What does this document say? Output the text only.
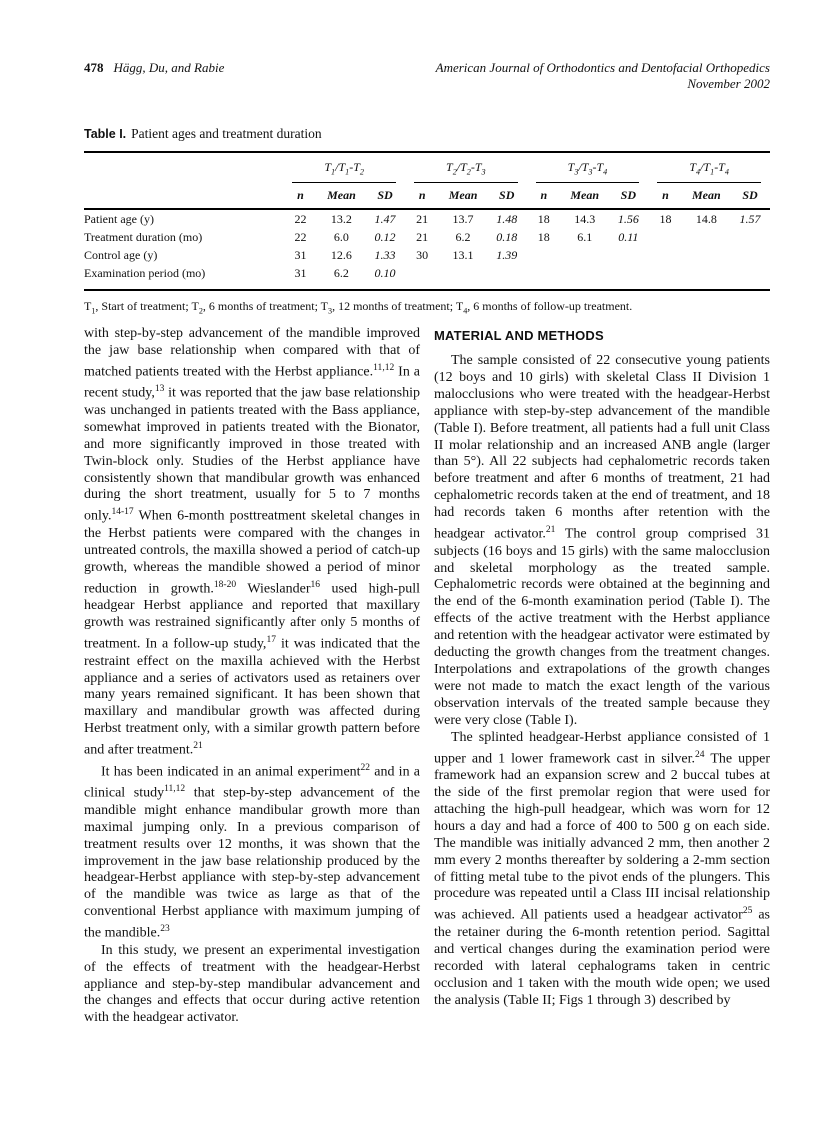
478 Hägg, Du, and Rabie	American Journal of Orthodontics and Dentofacial Orthopedics
November 2002
Table I. Patient ages and treatment duration

	$T_1/T_1-T_2$			$T_2/T_2-T_3$			$T_3/T_3-T_4$			$T_4/T_1-T_4$

	n	Mean	SD	n	Mean	SD	n	Mean	SD	n	Mean	SD
Patient age (y)	22	13.2	1.47	21	13.7	1.48	18	14.3	1.56	18	14.8	1.57
Treatment duration (mo)	22	6.0	0.12	21	6.2	0.18	18	6.1	0.11			
Control age (y)	31	12.6	1.33	30	13.1	1.39						
Examination period (mo)	31	6.2	0.10									
$T_1$, Start of treatment; $T_2$, 6 months of treatment; $T_3$, 12 months of treatment; $T_4$, 6 months of follow-up treatment.

with step-by-step advancement of the mandible improved the jaw base relationship when compared with that of matched patients treated with the Herbst appliance.$^{11,12}$ In a recent study,$^{13}$ it was reported that the jaw base relationship was unchanged in patients treated with the Bass appliance, somewhat improved in patients treated with the Bionator, and more significantly improved in those treated with Twin-block only. Studies of the Herbst appliance have consistently shown that mandibular growth was enhanced during the short treatment, usually for 5 to 7 months only.$^{14-17}$ When 6-month posttreatment skeletal changes in the Herbst patients were compared with the changes in untreated controls, the maxilla showed a period of catch-up growth, whereas the mandible showed a period of minor reduction in growth.$^{18-20}$ Wieslander$^{16}$ used high-pull headgear Herbst appliance and reported that maxillary growth was restrained significantly after only 5 months of treatment. In a follow-up study,$^{17}$ it was indicated that the restraint effect on the maxilla achieved with the Herbst appliance and a series of activators used as retainers over many years remained significant. It has been shown that maxillary and mandibular growth was affected during Herbst treatment only, with a similar growth pattern before and after treatment.$^{21}$

It has been indicated in an animal experiment$^{22}$ and in a clinical study$^{11,12}$ that step-by-step advancement of the mandible might enhance mandibular growth more than maximal jumping only. In a previous comparison of treatment results over 12 months, it was shown that the improvement in the jaw base relationship produced by the headgear-Herbst appliance with step-by-step advancement of the mandible was twice as large as that of the conventional Herbst appliance with maximum jumping of the mandible.$^{23}$

In this study, we present an experimental investigation of the effects of treatment with the headgear-Herbst appliance and step-by-step mandibular advancement and the changes and effects that occur during active retention with the headgear activator.

MATERIAL AND METHODS

The sample consisted of 22 consecutive young patients (12 boys and 10 girls) with skeletal Class II Division 1 malocclusions who were treated with the headgear-Herbst appliance with step-by-step advancement of the mandible (Table I). Before treatment, all patients had a full unit Class II molar relationship and an increased ANB angle (larger than 5°). All 22 subjects had cephalometric records taken before treatment and after 6 months of treatment, 21 had cephalometric records taken at the end of treatment, and 18 had records taken 6 months after retention with the headgear activator.$^{21}$ The control group comprised 31 subjects (16 boys and 15 girls) with the same malocclusion and skeletal morphology as the treated sample. Cephalometric records were obtained at the beginning and the end of the 6-month examination period (Table I). The effects of the active treatment with the Herbst appliance and retention with the headgear activator were estimated by deducting the growth changes from the treatment changes. Interpolations and extrapolations of the growth changes were not made to match the exact length of the various observation intervals of the treated sample because they were very close (Table I).

The splinted headgear-Herbst appliance consisted of 1 upper and 1 lower framework cast in silver.$^{24}$ The upper framework had an expansion screw and 2 buccal tubes at the side of the first premolar region that were used for attaching the high-pull headgear, which was worn for 12 hours a day and had a force of 400 to 500 g on each side. The mandible was initially advanced 2 mm, then another 2 mm every 2 months thereafter by soldering a 2-mm section of fitting metal tube to the pivot ends of the plungers. This procedure was repeated until a Class III incisal relationship was achieved. All patients used a headgear activator$^{25}$ as the retainer during the 6-month retention period. Sagittal and vertical changes during the examination period were recorded with lateral cephalograms taken in centric occlusion and 1 taken with the mouth wide open; we used the analysis (Table II; Figs 1 through 3) described by
